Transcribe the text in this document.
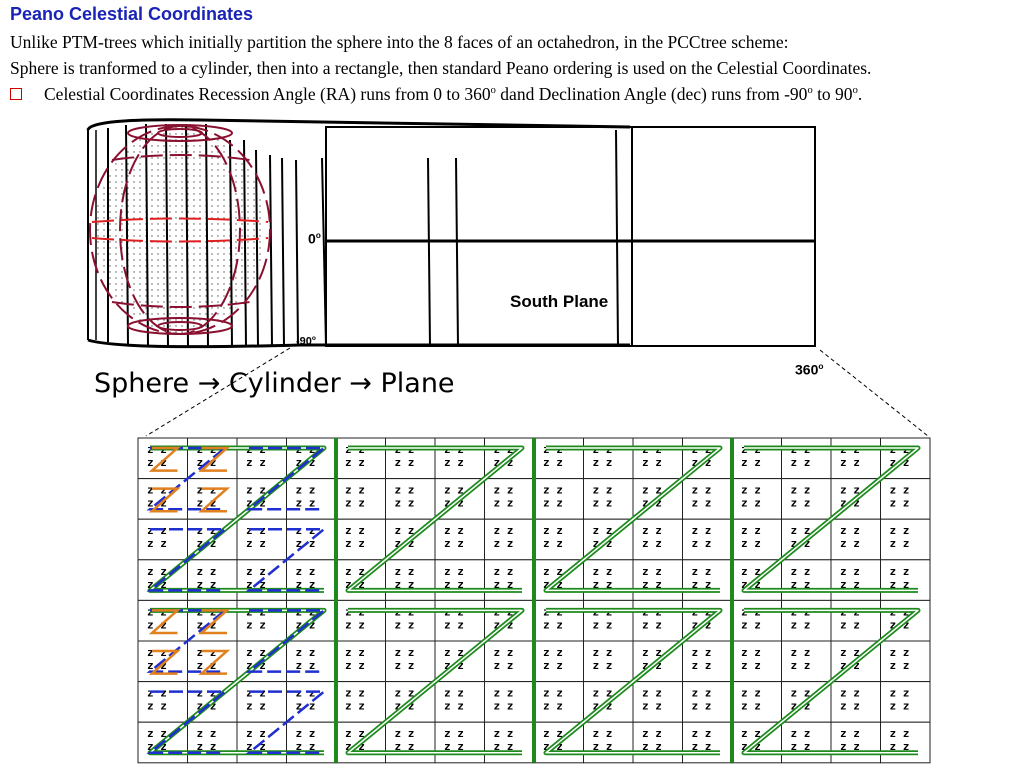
Peano Celestial Coordinates
Unlike PTM-trees which initially partition the sphere into the 8 faces of an octahedron, in the PCCtree scheme:
Sphere is tranformed to a cylinder, then into a rectangle, then standard Peano ordering is used on the Celestial Coordinates.
Celestial Coordinates Recession Angle (RA) runs from 0 to 360$^o$ dand Declination Angle (dec) runs from -90$^o$ to 90$^o$.
0$^o$
-90$^o$
South Plane
360$^o$
Sphere → Cylinder → Plane
z z
z z
z z
z z
z z
z z
z z
z z
z z
z z
z z
z z
z z
z z
z z
z z
z z
z z
z z
z z
z z
z z
z z
z z
z z
z z
z z
z z
z z
z z
z z
z z
z z
z z
z z
z z
z z
z z
z z
z z
z z
z z
z z
z z
z z
z z
z z
z z
z z
z z
z z
z z
z z
z z
z z
z z
z z
z z
z z
z z
z z
z z
z z
z z
z z
z z
z z
z z
z z
z z
z z
z z
z z
z z
z z
z z
z z
z z
z z
z z
z z
z z
z z
z z
z z
z z
z z
z z
z z
z z
z z
z z
z z
z z
z z
z z
z z
z z
z z
z z
z z
z z
z z
z z
z z
z z
z z
z z
z z
z z
z z
z z
z z
z z
z z
z z
z z
z z
z z
z z
z z
z z
z z
z z
z z
z z
z z
z z
z z
z z
z z
z z
z z
z z
z z
z z
z z
z z
z z
z z
z z
z z
z z
z z
z z
z z
z z
z z
z z
z z
z z
z z
z z
z z
z z
z z
z z
z z
z z
z z
z z
z z
z z
z z
z z
z z
z z
z z
z z
z z
z z
z z
z z
z z
z z
z z
z z
z z
z z
z z
z z
z z
z z
z z
z z
z z
z z
z z
z z
z z
z z
z z
z z
z z
z z
z z
z z
z z
z z
z z
z z
z z
z z
z z
z z
z z
z z
z z
z z
z z
z z
z z
z z
z z
z z
z z
z z
z z
z z
z z
z z
z z
z z
z z
z z
z z
z z
z z
z z
z z
z z
z z
z z
z z
z z
z z
z z
z z
z z
z z
z z
z z
z z
z z
z z
z z
z z
z z
z z
z z
z z
z z
z z
z z
z z
z z
